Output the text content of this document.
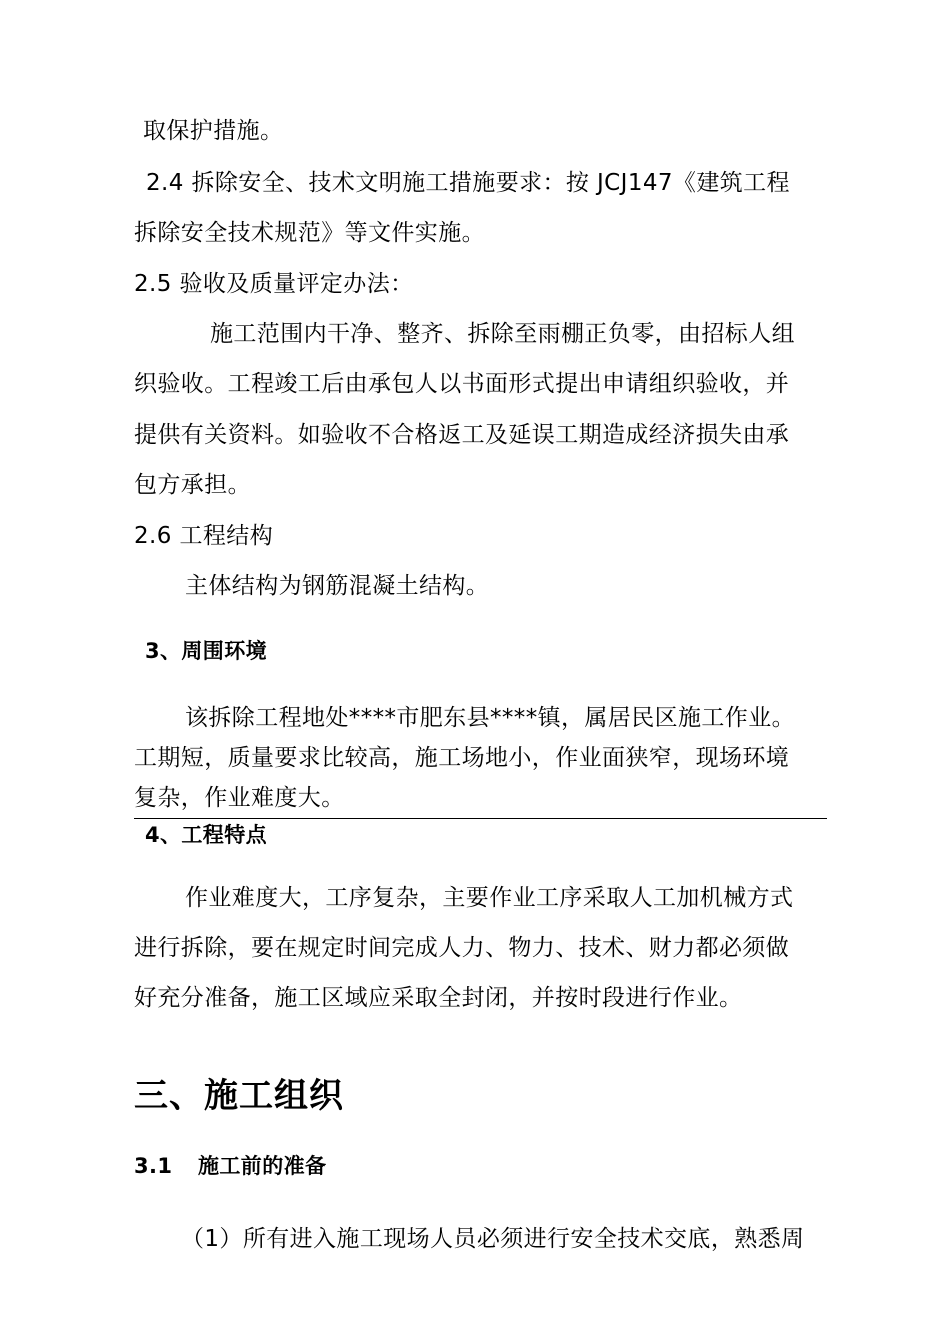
取保护措施。

2.4 拆除安全、技术文明施工措施要求：按 JCJ147《建筑工程

拆除安全技术规范》等文件实施。

2.5 验收及质量评定办法：

施工范围内干净、整齐、拆除至雨棚正负零，由招标人组

织验收。工程竣工后由承包人以书面形式提出申请组织验收，并

提供有关资料。如验收不合格返工及延误工期造成经济损失由承

包方承担。

2.6 工程结构

主体结构为钢筋混凝土结构。

3、周围环境

该拆除工程地处****市肥东县****镇，属居民区施工作业。

工期短，质量要求比较高，施工场地小，作业面狭窄，现场环境

复杂，作业难度大。

4、工程特点

作业难度大，工序复杂，主要作业工序采取人工加机械方式

进行拆除，要在规定时间完成人力、物力、技术、财力都必须做

好充分准备，施工区域应采取全封闭，并按时段进行作业。

三、施工组织

3.1 施工前的准备

（1）所有进入施工现场人员必须进行安全技术交底，熟悉周
